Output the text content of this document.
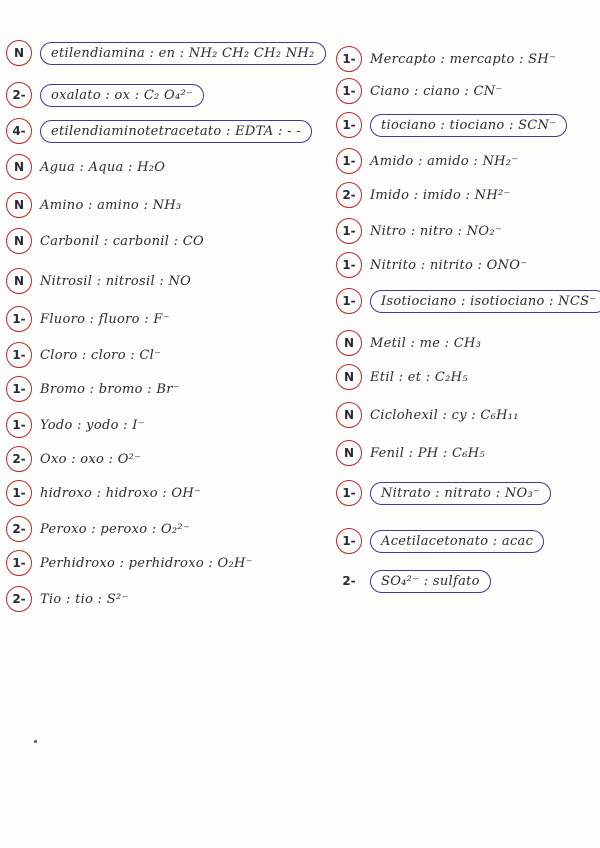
N	etilendiamina : en : NH₂ CH₂ CH₂ NH₂
2-	oxalato : ox : C₂ O₄²⁻
4-	etilendiaminotetracetato : EDTA : - -
N	Agua : Aqua : H₂O
N	Amino : amino : NH₃
N	Carbonil : carbonil : CO
N	Nitrosil : nitrosil : NO
1-	Fluoro : fluoro : F⁻
1-	Cloro : cloro : Cl⁻
1-	Bromo : bromo : Br⁻
1-	Yodo : yodo : I⁻
2-	Oxo : oxo : O²⁻
1-	hidroxo : hidroxo : OH⁻
2-	Peroxo : peroxo : O₂²⁻
1-	Perhidroxo : perhidroxo : O₂H⁻
2-	Tio : tio : S²⁻
1-	Mercapto : mercapto : SH⁻
1-	Ciano : ciano : CN⁻
1-	tiociano : tiociano : SCN⁻
1-	Amido : amido : NH₂⁻
2-	Imido : imido : NH²⁻
1-	Nitro : nitro : NO₂⁻
1-	Nitrito : nitrito : ONO⁻
1-	Isotiociano : isotiociano : NCS⁻
N	Metil : me : CH₃
N	Etil : et : C₂H₅
N	Ciclohexil : cy : C₆H₁₁
N	Fenil : PH : C₆H₅
1-	Nitrato : nitrato : NO₃⁻
1-	Acetilacetonato : acac
2-	SO₄²⁻ : sulfato
